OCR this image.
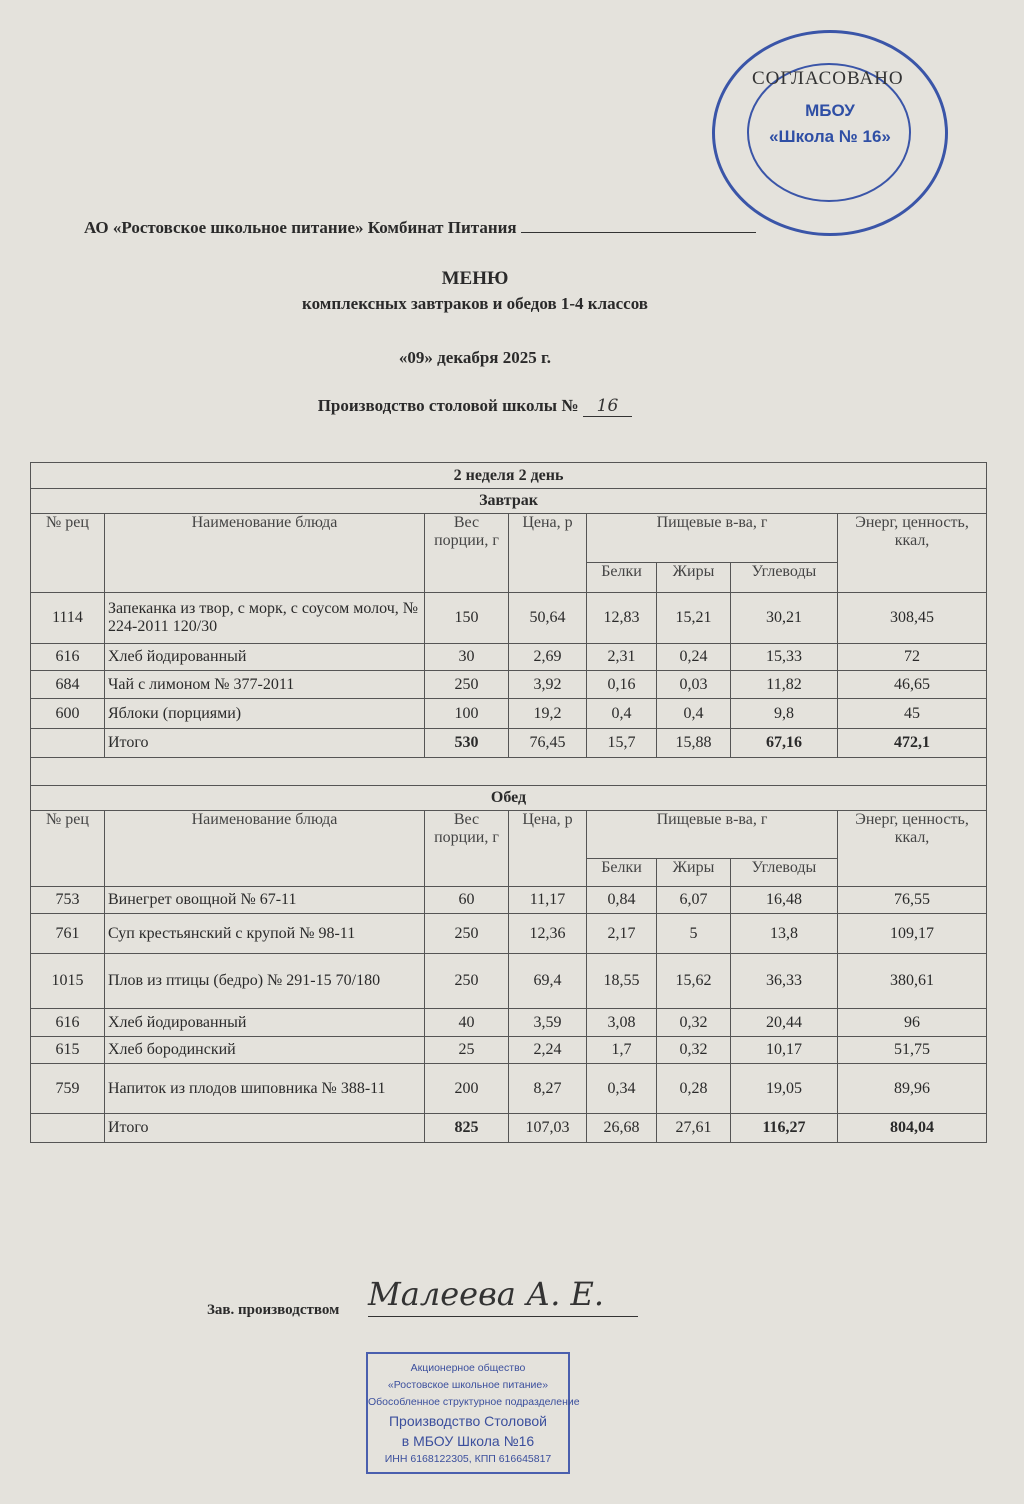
МБОУ
«Школа № 16»
СОГЛАСОВАНО
АО «Ростовское школьное питание» Комбинат Питания
МЕНЮ
комплексных завтраков и обедов 1-4 классов
«09» декабря 2025 г.
Производство столовой школы № 16
2 неделя 2 день							
Завтрак							
№ рец	Наименование блюда	Вес порции, г	Цена, р	Пищевые в-ва, г			Энерг, ценность, ккал,
				Белки	Жиры	Углеводы	
1114	Запеканка из твор, с морк, с соусом молоч, № 224-2011 120/30	150	50,64	12,83	15,21	30,21	308,45
616	Хлеб йодированный	30	2,69	2,31	0,24	15,33	72
684	Чай с лимоном № 377-2011	250	3,92	0,16	0,03	11,82	46,65
600	Яблоки (порциями)	100	19,2	0,4	0,4	9,8	45
	Итого	530	76,45	15,7	15,88	67,16	472,1

Обед							
№ рец	Наименование блюда	Вес порции, г	Цена, р	Пищевые в-ва, г			Энерг, ценность, ккал,
				Белки	Жиры	Углеводы	
753	Винегрет овощной № 67-11	60	11,17	0,84	6,07	16,48	76,55
761	Суп крестьянский с крупой № 98-11	250	12,36	2,17	5	13,8	109,17
1015	Плов из птицы (бедро) № 291-15 70/180	250	69,4	18,55	15,62	36,33	380,61
616	Хлеб йодированный	40	3,59	3,08	0,32	20,44	96
615	Хлеб бородинский	25	2,24	1,7	0,32	10,17	51,75
759	Напиток из плодов шиповника № 388-11	200	8,27	0,34	0,28	19,05	89,96
	Итого	825	107,03	26,68	27,61	116,27	804,04
Зав. производством Малеева А. Е.
Акционерное общество
«Ростовское школьное питание»
Обособленное структурное подразделение
Производство Столовой
в МБОУ Школа №16
ИНН 6168122305, КПП 616645817
